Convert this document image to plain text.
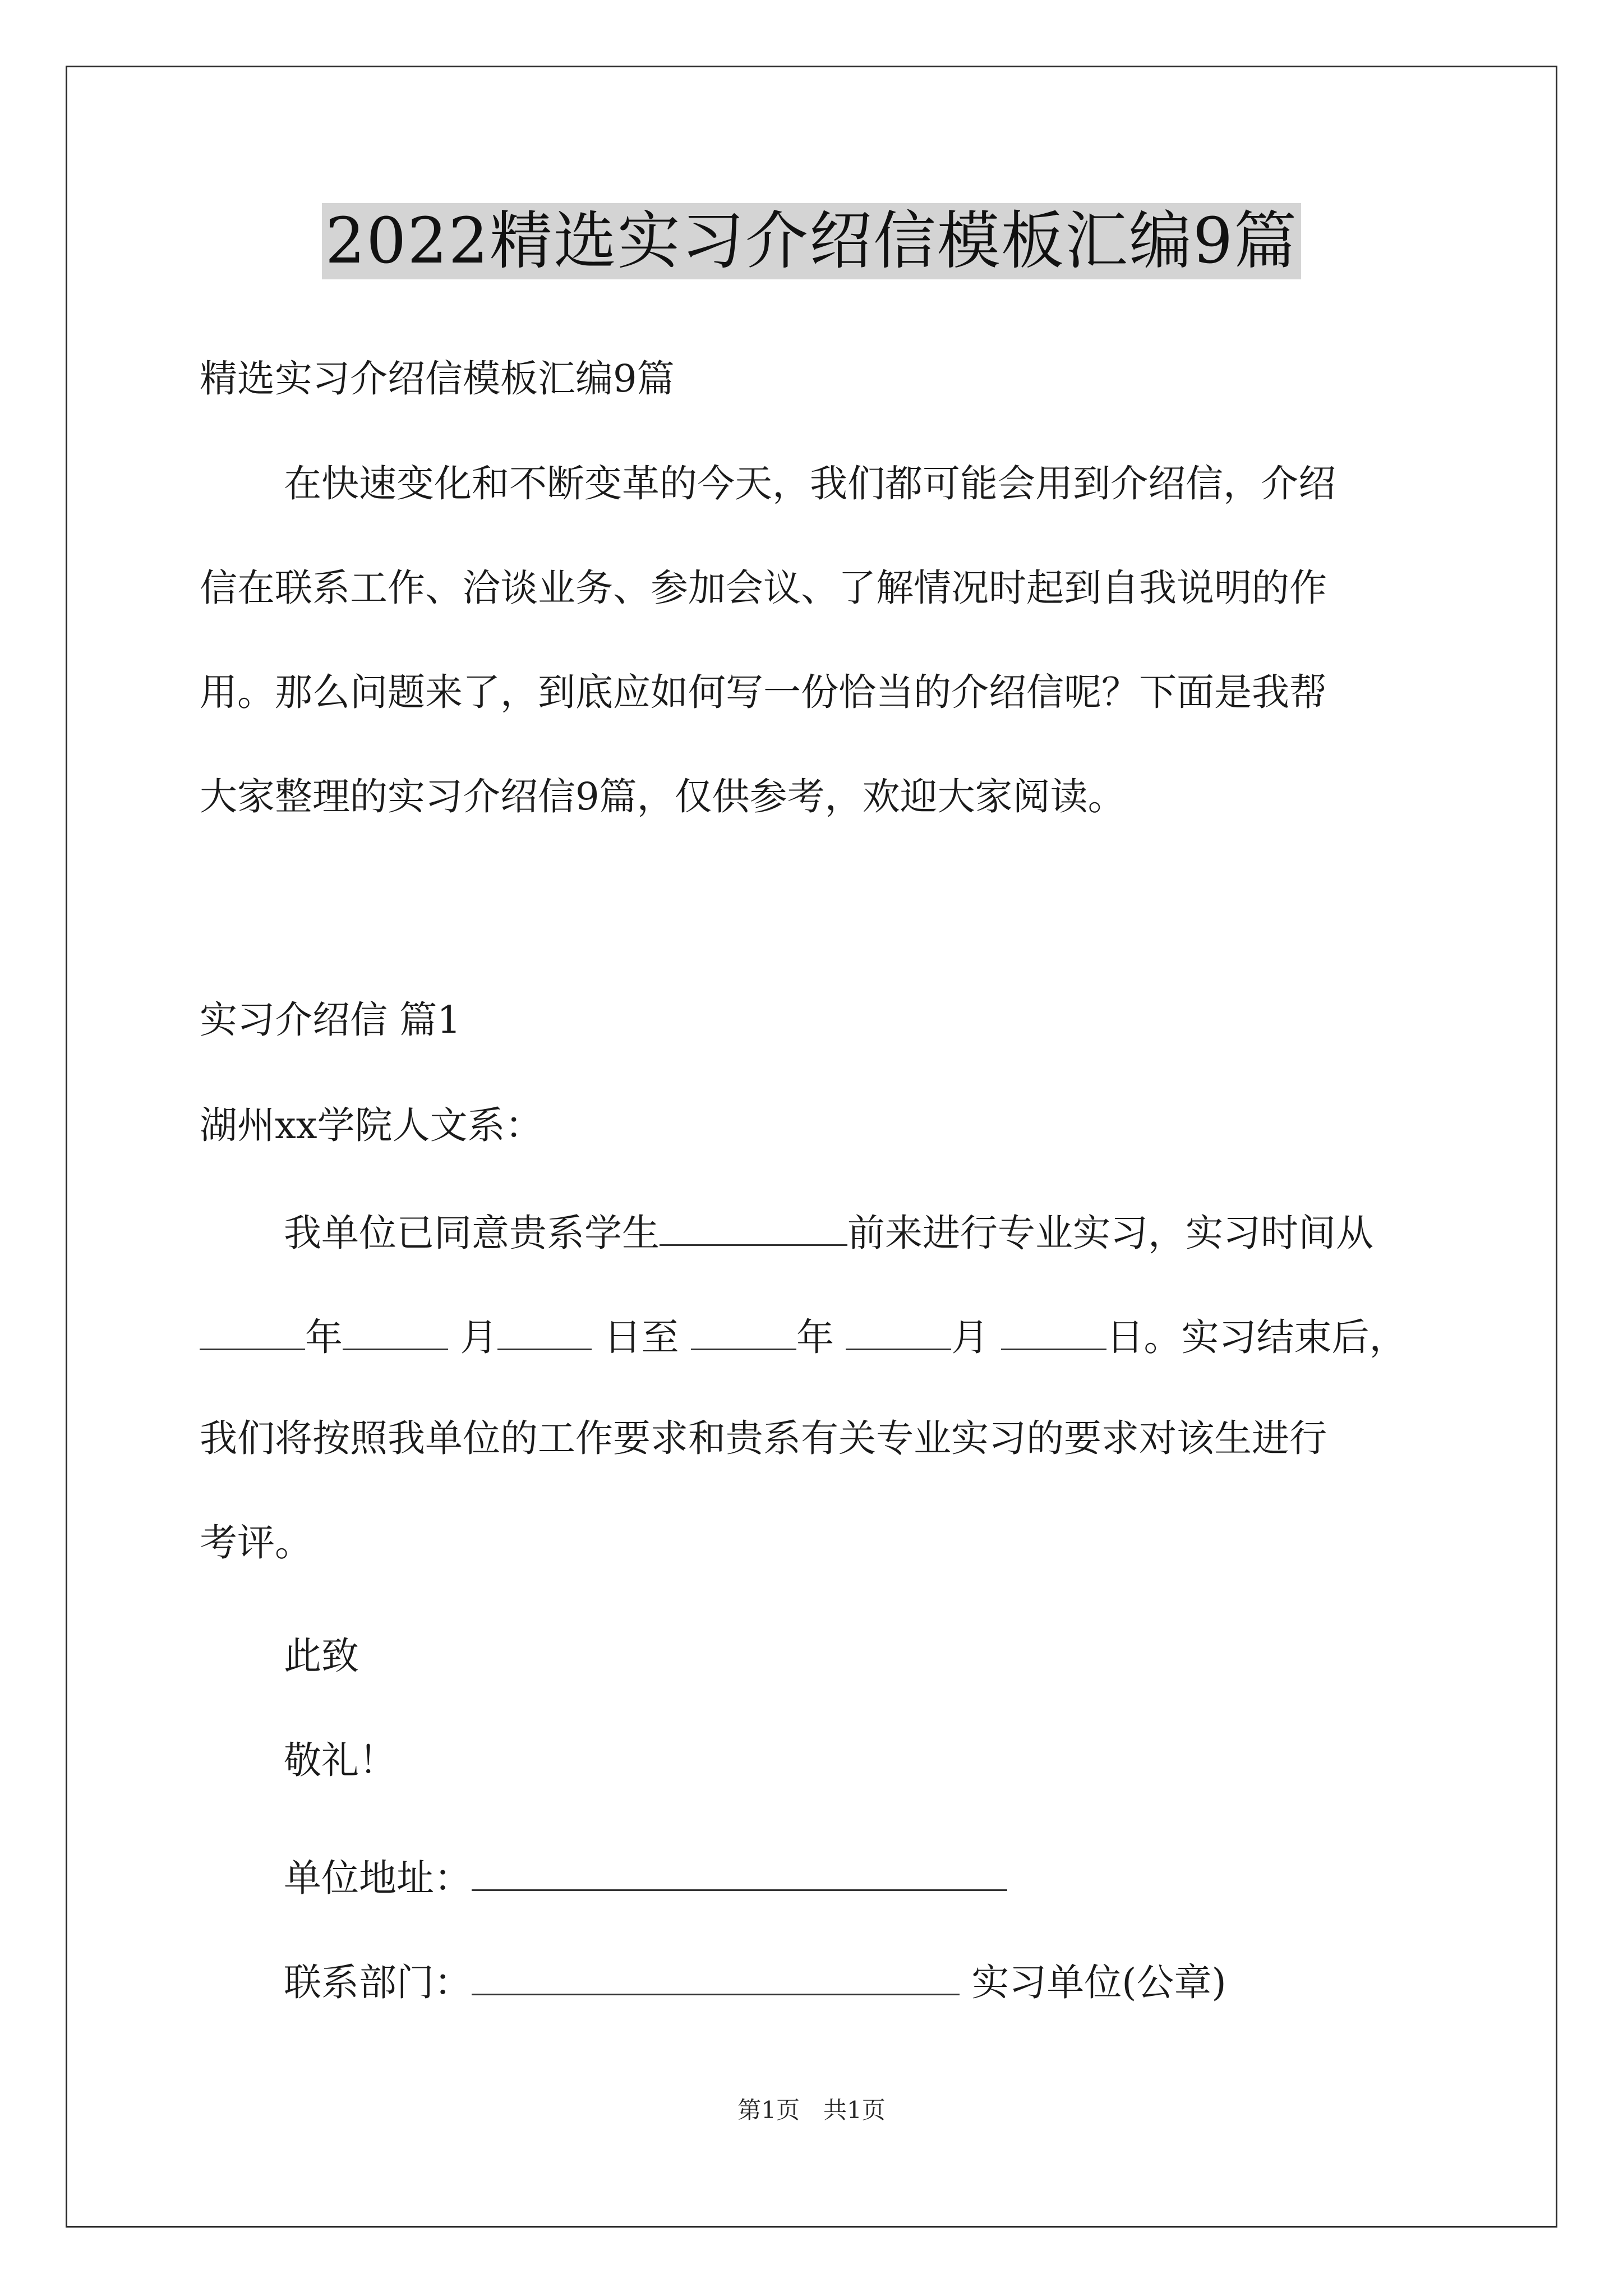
2022精选实习介绍信模板汇编9篇
精选实习介绍信模板汇编9篇
在快速变化和不断变革的今天，我们都可能会用到介绍信，介绍
信在联系工作、洽谈业务、参加会议、了解情况时起到自我说明的作
用。那么问题来了，到底应如何写一份恰当的介绍信呢？下面是我帮
大家整理的实习介绍信9篇，仅供参考，欢迎大家阅读。
实习介绍信 篇1
湖州xx学院人文系：
我单位已同意贵系学生	前来进行专业实习，实习时间从
年	月	日至	年	月	日。实习结束后，
我们将按照我单位的工作要求和贵系有关专业实习的要求对该生进行
考评。
此致
敬礼！
单位地址：
联系部门：	实习单位(公章)
第1页　共1页
